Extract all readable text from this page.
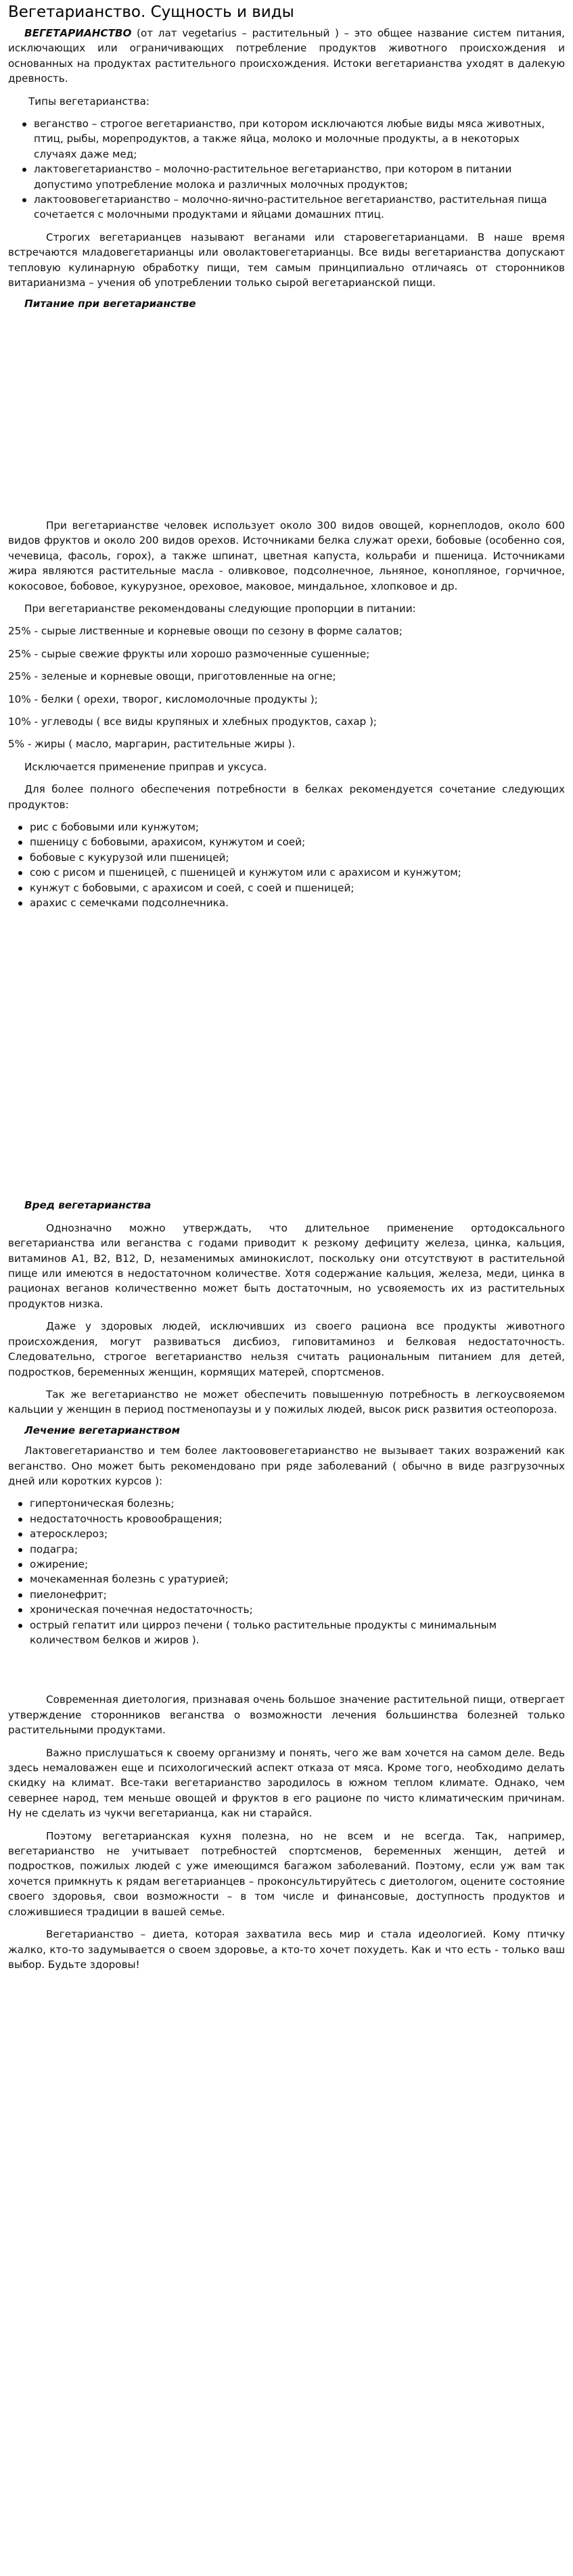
Вегетарианство. Сущность и виды

ВЕГЕТАРИАНСТВО (от лат vegetarius – растительный ) – это общее название систем питания, исключающих или ограничивающих потребление продуктов животного происхождения и основанных на продуктах растительного происхождения. Истоки вегетарианства уходят в далекую древность.

Типы вегетарианства:

веганство – строгое вегетарианство, при котором исключаются любые виды мяса животных, птиц, рыбы, морепродуктов, а также яйца, молоко и молочные продукты, а в некоторых случаях даже мед;
лактовегетарианство – молочно-растительное вегетарианство, при котором в питании допустимо употребление молока и различных молочных продуктов;
лактоововегетарианство – молочно-яично-растительное вегетарианство, растительная пища сочетается с молочными продуктами и яйцами домашних птиц.

Строгих вегетарианцев называют веганами или старовегетарианцами. В наше время встречаются младовегетарианцы или оволактовегетарианцы. Все виды вегетарианства допускают тепловую кулинарную обработку пищи, тем самым принципиально отличаясь от сторонников витарианизма – учения об употреблении только сырой вегетарианской пищи.

Питание при вегетарианстве

При вегетарианстве человек использует около 300 видов овощей, корнеплодов, около 600 видов фруктов и около 200 видов орехов. Источниками белка служат орехи, бобовые (особенно соя, чечевица, фасоль, горох), а также шпинат, цветная капуста, кольраби и пшеница. Источниками жира являются растительные масла - оливковое, подсолнечное, льняное, конопляное, горчичное, кокосовое, бобовое, кукурузное, ореховое, маковое, миндальное, хлопковое и др.

При вегетарианстве рекомендованы следующие пропорции в питании:

25% - сырые лиственные и корневые овощи по сезону в форме салатов;

25% - сырые свежие фрукты или хорошо размоченные сушенные;

25% - зеленые и корневые овощи, приготовленные на огне;

10% - белки ( орехи, творог, кисломолочные продукты );

10% - углеводы ( все виды крупяных и хлебных продуктов, сахар );

5% - жиры ( масло, маргарин, растительные жиры ).

Исключается применение приправ и уксуса.

Для более полного обеспечения потребности в белках рекомендуется сочетание следующих продуктов:

рис с бобовыми или кунжутом;
пшеницу с бобовыми, арахисом, кунжутом и соей;
бобовые с кукурузой или пшеницей;
сою с рисом и пшеницей, с пшеницей и кунжутом или с арахисом и кунжутом;
кунжут с бобовыми, с арахисом и соей, с соей и пшеницей;
арахис с семечками подсолнечника.

Вред вегетарианства

Однозначно можно утверждать, что длительное применение ортодоксального вегетарианства или веганства с годами приводит к резкому дефициту железа, цинка, кальция, витаминов А1, В2, В12, D, незаменимых аминокислот, поскольку они отсутствуют в растительной пище или имеются в недостаточном количестве. Хотя содержание кальция, железа, меди, цинка в рационах веганов количественно может быть достаточным, но усвояемость их из растительных продуктов низка.

Даже у здоровых людей, исключивших из своего рациона все продукты животного происхождения, могут развиваться дисбиоз, гиповитаминоз и белковая недостаточность. Следовательно, строгое вегетарианство нельзя считать рациональным питанием для детей, подростков, беременных женщин, кормящих матерей, спортсменов.

Так же вегетарианство не может обеспечить повышенную потребность в легкоусвояемом кальции у женщин в период постменопаузы и у пожилых людей, высок риск развития остеопороза.

Лечение вегетарианством

Лактовегетарианство и тем более лактоововегетарианство не вызывает таких возражений как веганство. Оно может быть рекомендовано при ряде заболеваний ( обычно в виде разгрузочных дней или коротких курсов ):

гипертоническая болезнь;
недостаточность кровообращения;
атеросклероз;
подагра;
ожирение;
мочекаменная болезнь с уратурией;
пиелонефрит;
хроническая почечная недостаточность;
острый гепатит или цирроз печени ( только растительные продукты с минимальным количеством белков и жиров ).

Современная диетология, признавая очень большое значение растительной пищи, отвергает утверждение сторонников веганства о возможности лечения большинства болезней только растительными продуктами.

Важно прислушаться к своему организму и понять, чего же вам хочется на самом деле. Ведь здесь немаловажен еще и психологический аспект отказа от мяса. Кроме того, необходимо делать скидку на климат. Все-таки вегетарианство зародилось в южном теплом климате. Однако, чем севернее народ, тем меньше овощей и фруктов в его рационе по чисто климатическим причинам. Ну не сделать из чукчи вегетарианца, как ни старайся.

Поэтому вегетарианская кухня полезна, но не всем и не всегда. Так, например, вегетарианство не учитывает потребностей спортсменов, беременных женщин, детей и подростков, пожилых людей с уже имеющимся багажом заболеваний. Поэтому, если уж вам так хочется примкнуть к рядам вегетарианцев – проконсультируйтесь с диетологом, оцените состояние своего здоровья, свои возможности – в том числе и финансовые, доступность продуктов и сложившиеся традиции в вашей семье.

Вегетарианство – диета, которая захватила весь мир и стала идеологией. Кому птичку жалко, кто-то задумывается о своем здоровье, а кто-то хочет похудеть. Как и что есть - только ваш выбор. Будьте здоровы!
